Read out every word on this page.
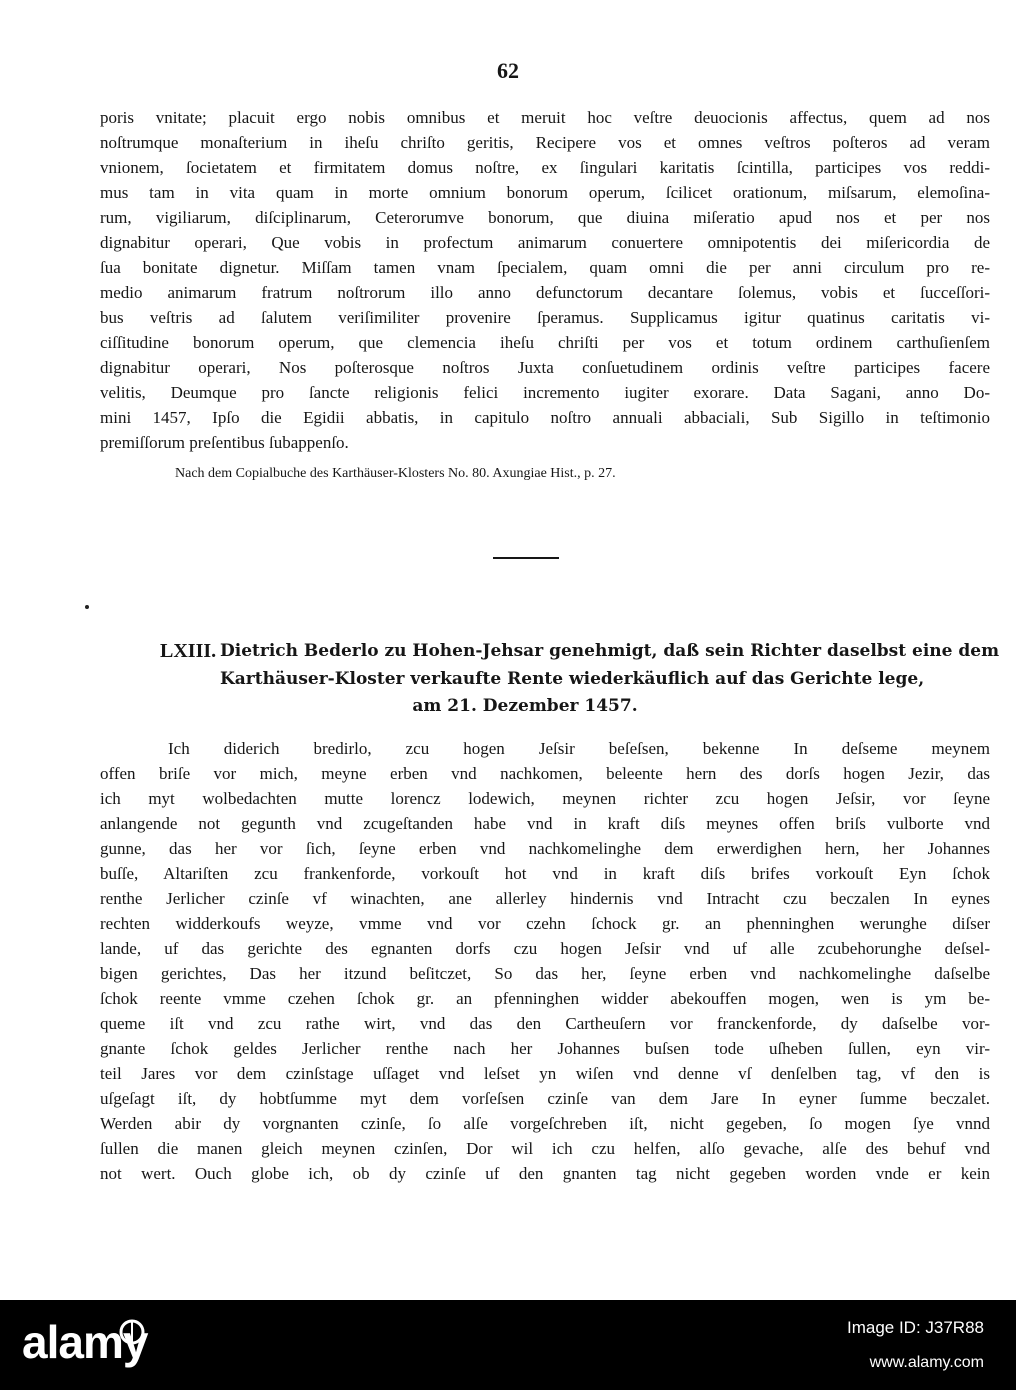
62
poris vnitate; placuit ergo nobis omnibus et meruit hoc veſtre deuocionis affectus, quem ad nos
noſtrumque monaſterium in iheſu chriſto geritis, Recipere vos et omnes veſtros poſteros ad veram
vnionem, ſocietatem et firmitatem domus noſtre, ex ſingulari karitatis ſcintilla, participes vos reddi-
mus tam in vita quam in morte omnium bonorum operum, ſcilicet orationum, miſsarum, elemoſina-
rum, vigiliarum, diſciplinarum, Ceterorumve bonorum, que diuina miſeratio apud nos et per nos
dignabitur operari, Que vobis in profectum animarum conuertere omnipotentis dei miſericordia de
ſua bonitate dignetur. Miſſam tamen vnam ſpecialem, quam omni die per anni circulum pro re-
medio animarum fratrum noſtrorum illo anno defunctorum decantare ſolemus, vobis et ſucceſſori-
bus veſtris ad ſalutem veriſimiliter provenire ſperamus. Supplicamus igitur quatinus caritatis vi-
ciſſitudine bonorum operum, que clemencia iheſu chriſti per vos et totum ordinem carthuſienſem
dignabitur operari, Nos poſterosque noſtros Juxta conſuetudinem ordinis veſtre participes facere
velitis, Deumque pro ſancte religionis felici incremento iugiter exorare. Data Sagani, anno Do-
mini 1457, Ipſo die Egidii abbatis, in capitulo noſtro annuali abbaciali, Sub Sigillo in teſtimonio
premiſſorum preſentibus ſubappenſo.
Nach dem Copialbuche des Karthäuser-Klosters No. 80. Axungiae Hist., p. 27.
LXIII. Dietrich Bederlo zu Hohen-Jehsar genehmigt, daß sein Richter daselbst eine dem
Karthäuser-Kloster verkaufte Rente wiederkäuflich auf das Gerichte lege,
am 21. Dezember 1457.
Ich diderich bredirlo, zcu hogen Jeſsir beſeſsen, bekenne In deſseme meynem
offen briſe vor mich, meyne erben vnd nachkomen, beleente hern des dorſs hogen Jezir, das
ich myt wolbedachten mutte lorencz lodewich, meynen richter zcu hogen Jeſsir, vor ſeyne
anlangende not gegunth vnd zcugeſtanden habe vnd in kraft diſs meynes offen briſs vulborte vnd
gunne, das her vor ſich, ſeyne erben vnd nachkomelinghe dem erwerdighen hern, her Johannes
buſſe, Altariſten zcu frankenforde, vorkouſt hot vnd in kraft diſs brifes vorkouſt Eyn ſchok
renthe Jerlicher czinſe vf winachten, ane allerley hindernis vnd Intracht czu beczalen In eynes
rechten widderkoufs weyze, vmme vnd vor czehn ſchock gr. an phenninghen werunghe diſser
lande, uf das gerichte des egnanten dorfs czu hogen Jeſsir vnd uf alle zcubehorunghe deſsel-
bigen gerichtes, Das her itzund beſitczet, So das her, ſeyne erben vnd nachkomelinghe daſselbe
ſchok reente vmme czehen ſchok gr. an pfenninghen widder abekouffen mogen, wen is ym be-
queme iſt vnd zcu rathe wirt, vnd das den Cartheuſern vor franckenforde, dy daſselbe vor-
gnante ſchok geldes Jerlicher renthe nach her Johannes buſsen tode uſheben ſullen, eyn vir-
teil Jares vor dem czinſstage uſſaget vnd leſset yn wiſen vnd denne vſ denſelben tag, vf den is
uſgeſagt iſt, dy hobtſumme myt dem vorſeſsen czinſe van dem Jare In eyner ſumme beczalet.
Werden abir dy vorgnanten czinſe, ſo alſe vorgeſchreben iſt, nicht gegeben, ſo mogen ſye vnnd
ſullen die manen gleich meynen czinſen, Dor wil ich czu helfen, alſo gevache, alſe des behuf vnd
not wert. Ouch globe ich, ob dy czinſe uf den gnanten tag nicht gegeben worden vnde er kein
alamy	Image ID: J37R88
www.alamy.com
